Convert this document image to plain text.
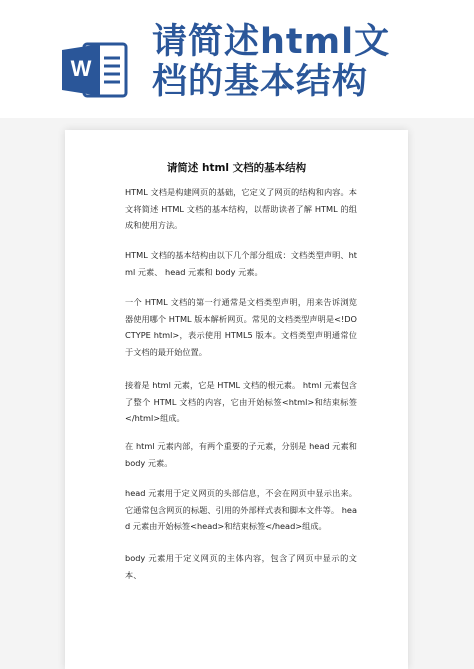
W
请简述html文
档的基本结构
请简述 html 文档的基本结构
HTML 文档是构建网页的基础，它定义了网页的结构和内容。本文将简述 HTML 文档的基本结构，以帮助读者了解 HTML 的组成和使用方法。
HTML 文档的基本结构由以下几个部分组成：文档类型声明、html 元素、 head 元素和 body 元素。
一个 HTML 文档的第一行通常是文档类型声明，用来告诉浏览器使用哪个 HTML 版本解析网页。常见的文档类型声明是<!DOCTYPE html>，表示使用 HTML5 版本。文档类型声明通常位于文档的最开始位置。
接着是 html 元素，它是 HTML 文档的根元素。 html 元素包含了整个 HTML 文档的内容，它由开始标签<html>和结束标签</html>组成。
在 html 元素内部，有两个重要的子元素，分别是 head 元素和 body 元素。
head 元素用于定义网页的头部信息，不会在网页中显示出来。它通常包含网页的标题、引用的外部样式表和脚本文件等。 head 元素由开始标签<head>和结束标签</head>组成。
body 元素用于定义网页的主体内容，包含了网页中显示的文本、
